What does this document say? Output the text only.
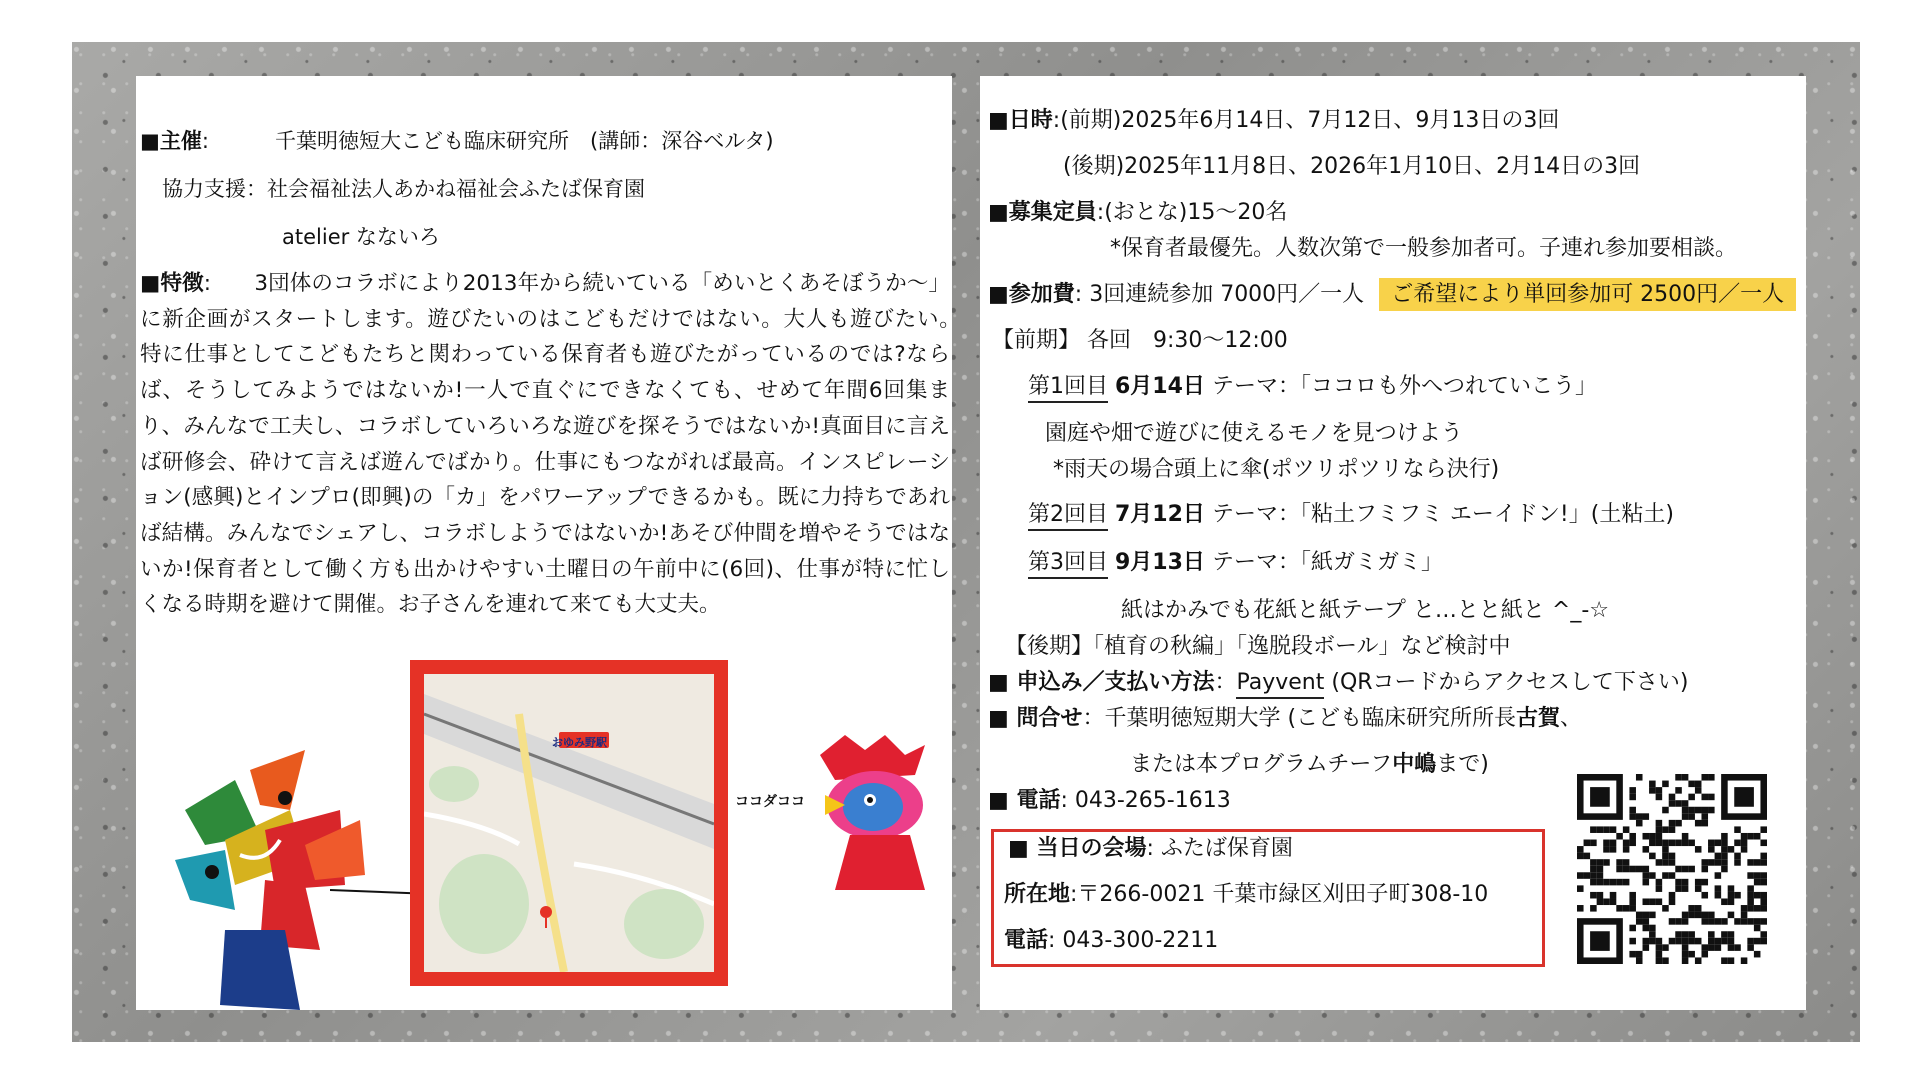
■主催:	千葉明徳短大こども臨床研究所　(講師：深谷ベルタ)
協力支援：社会福祉法人あかね福祉会ふたば保育園
atelier なないろ
■特徴:　　3団体のコラボにより2013年から続いている「めいとくあそぼうか～」に新企画がスタートします。遊びたいのはこどもだけではない。大人も遊びたい。　特に仕事としてこどもたちと関わっている保育者も遊びたがっているのでは?ならば、そうしてみようではないか!一人で直ぐにできなくても、せめて年間6回集まり、みんなで工夫し、コラボしていろいろな遊びを探そうではないか!真面目に言えば研修会、砕けて言えば遊んでばかり。仕事にもつながれば最高。インスピレーション(感興)とインプロ(即興)の「カ」をパワーアップできるかも。既に力持ちであれば結構。みんなでシェアし、コラボしようではないか!あそび仲間を増やそうではないか!保育者として働く方も出かけやすい土曜日の午前中に(6回)、仕事が特に忙しくなる時期を避けて開催。お子さんを連れて来ても大丈夫。
おゆみ野駅
ココダココ
■日時:(前期)2025年6月14日、7月12日、9月13日の3回
(後期)2025年11月8日、2026年1月10日、2月14日の3回
■募集定員:(おとな)15～20名
*保育者最優先。人数次第で一般参加者可。子連れ参加要相談。
■参加費: 3回連続参加 7000円／一人 ご希望により単回参加可 2500円／一人
【前期】 各回　9:30～12:00
第1回目 6月14日 テーマ：「ココロも外へつれていこう」
園庭や畑で遊びに使えるモノを見つけよう
*雨天の場合頭上に傘(ポツリポツリなら決行)
第2回目 7月12日 テーマ：「粘土フミフミ エーイドン!」(土粘土)
第3回目 9月13日 テーマ：「紙ガミガミ」
紙はかみでも花紙と紙テープ と…とと紙と ^_-☆
【後期】「植育の秋編」「逸脱段ボール」など検討中
■ 申込み／支払い方法：Payvent (QRコードからアクセスして下さい)
■ 問合せ：千葉明徳短期大学 (こども臨床研究所所長古賀、
または本プログラムチーフ中嶋まで)
■ 電話: 043-265-1613
■ 当日の会場: ふたば保育園
所在地:〒266-0021 千葉市緑区刈田子町308-10
電話: 043-300-2211
